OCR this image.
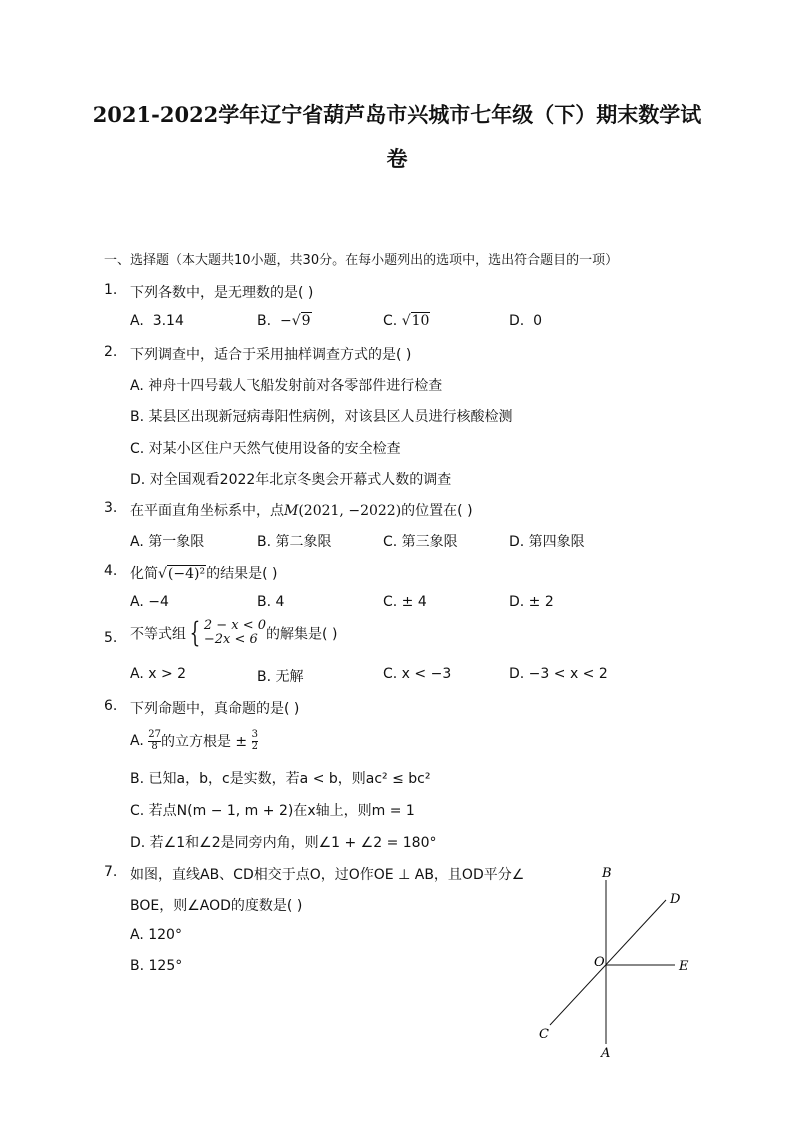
2021-2022学年辽宁省葫芦岛市兴城市七年级（下）期末数学试
卷
一、选择题（本大题共10小题，共30分。在每小题列出的选项中，选出符合题目的一项）
1. 下列各数中，是无理数的是( )
A. 3.14	B. −√9	C. √10	D. 0
2. 下列调查中，适合于采用抽样调查方式的是( )
A. 神舟十四号载人飞船发射前对各零部件进行检查
B. 某县区出现新冠病毒阳性病例，对该县区人员进行核酸检测
C. 对某小区住户天然气使用设备的安全检查
D. 对全国观看2022年北京冬奥会开幕式人数的调查
3. 在平面直角坐标系中，点M(2021, −2022)的位置在( )
A. 第一象限	B. 第二象限	C. 第三象限	D. 第四象限
4. 化简√(−4)²的结果是( )
A. −4	B. 4	C. ± 4	D. ± 2
5. 不等式组 { 2 − x < 0
−2x < 6 的解集是( )
A. x > 2	B. 无解	C. x < −3	D. −3 < x < 2
6. 下列命题中，真命题的是( )
A. $\frac{27}{8}$ 的立方根是 ± $\frac{3}{2}$
B. 已知a，b，c是实数，若a < b，则ac² ≤ bc²
C. 若点N(m − 1, m + 2)在x轴上，则m = 1
D. 若∠1和∠2是同旁内角，则∠1 + ∠2 = 180°
7. 如图，直线AB、CD相交于点O，过O作OE ⊥ AB，且OD平分∠
BOE，则∠AOD的度数是( )
A. 120°
B. 125°
B
D
O	E
C
A
